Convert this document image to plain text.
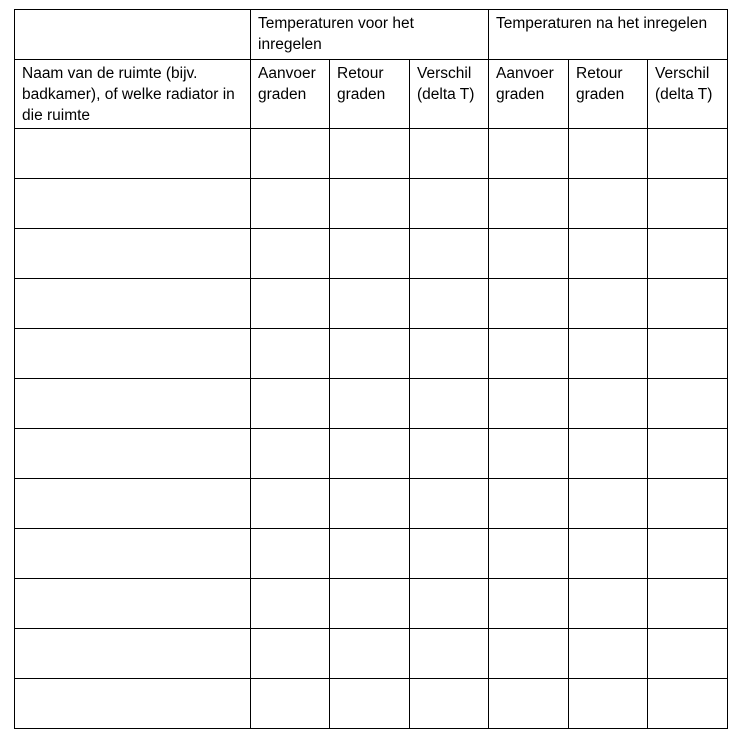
	Temperaturen voor het inregelen			Temperaturen na het inregelen		
Naam van de ruimte (bijv. badkamer), of welke radiator in die ruimte	Aanvoer graden	Retour graden	Verschil (delta T)	Aanvoer graden	Retour graden	Verschil (delta T)
